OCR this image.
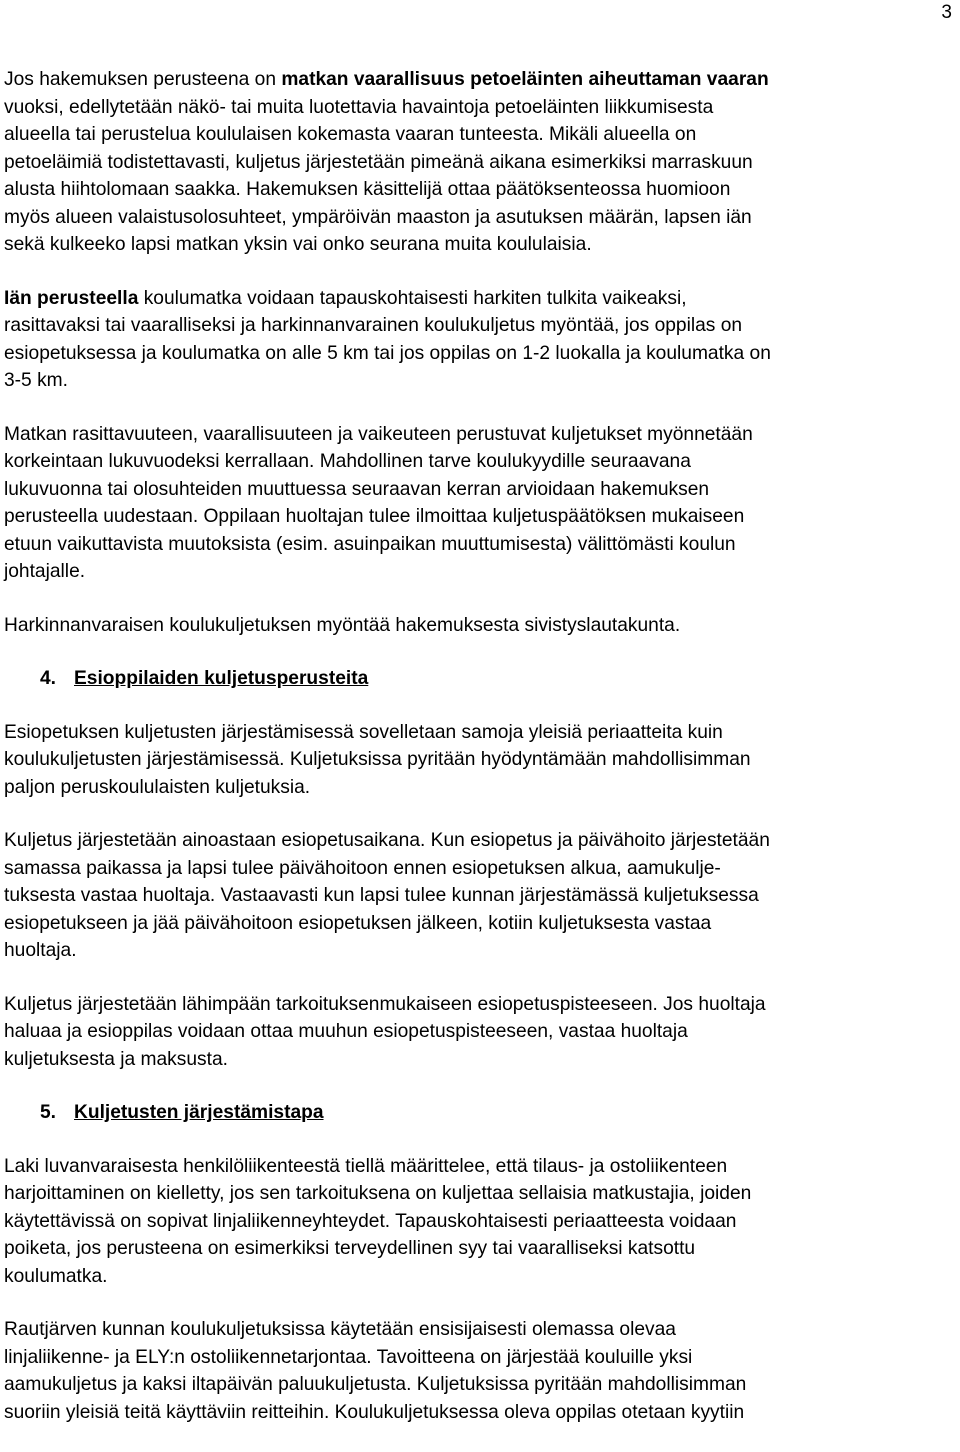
3

Jos hakemuksen perusteena on matkan vaarallisuus petoeläinten aiheuttaman vaaran
vuoksi, edellytetään näkö- tai muita luotettavia havaintoja petoeläinten liikkumisesta
alueella tai perustelua koululaisen kokemasta vaaran tunteesta. Mikäli alueella on
petoeläimiä todistettavasti, kuljetus järjestetään pimeänä aikana esimerkiksi marraskuun
alusta hiihtolomaan saakka. Hakemuksen käsittelijä ottaa päätöksenteossa huomioon
myös alueen valaistusolosuhteet, ympäröivän maaston ja asutuksen määrän, lapsen iän
sekä kulkeeko lapsi matkan yksin vai onko seurana muita koululaisia.

Iän perusteella koulumatka voidaan tapauskohtaisesti harkiten tulkita vaikeaksi,
rasittavaksi tai vaaralliseksi ja harkinnanvarainen koulukuljetus myöntää, jos oppilas on
esiopetuksessa ja koulumatka on alle 5 km tai jos oppilas on 1-2 luokalla ja koulumatka on
3-5 km.

Matkan rasittavuuteen, vaarallisuuteen ja vaikeuteen perustuvat kuljetukset myönnetään
korkeintaan lukuvuodeksi kerrallaan. Mahdollinen tarve koulukyydille seuraavana
lukuvuonna tai olosuhteiden muuttuessa seuraavan kerran arvioidaan hakemuksen
perusteella uudestaan. Oppilaan huoltajan tulee ilmoittaa kuljetuspäätöksen mukaiseen
etuun vaikuttavista muutoksista (esim. asuinpaikan muuttumisesta) välittömästi koulun
johtajalle.

Harkinnanvaraisen koulukuljetuksen myöntää hakemuksesta sivistyslautakunta.

4. Esioppilaiden kuljetusperusteita

Esiopetuksen kuljetusten järjestämisessä sovelletaan samoja yleisiä periaatteita kuin
koulukuljetusten järjestämisessä. Kuljetuksissa pyritään hyödyntämään mahdollisimman
paljon peruskoululaisten kuljetuksia.

Kuljetus järjestetään ainoastaan esiopetusaikana. Kun esiopetus ja päivähoito järjestetään
samassa paikassa ja lapsi tulee päivähoitoon ennen esiopetuksen alkua, aamukulje-
tuksesta vastaa huoltaja. Vastaavasti kun lapsi tulee kunnan järjestämässä kuljetuksessa
esiopetukseen ja jää päivähoitoon esiopetuksen jälkeen, kotiin kuljetuksesta vastaa
huoltaja.

Kuljetus järjestetään lähimpään tarkoituksenmukaiseen esiopetuspisteeseen. Jos huoltaja
haluaa ja esioppilas voidaan ottaa muuhun esiopetuspisteeseen, vastaa huoltaja
kuljetuksesta ja maksusta.

5. Kuljetusten järjestämistapa

Laki luvanvaraisesta henkilöliikenteestä tiellä määrittelee, että tilaus- ja ostoliikenteen
harjoittaminen on kielletty, jos sen tarkoituksena on kuljettaa sellaisia matkustajia, joiden
käytettävissä on sopivat linjaliikenneyhteydet. Tapauskohtaisesti periaatteesta voidaan
poiketa, jos perusteena on esimerkiksi terveydellinen syy tai vaaralliseksi katsottu
koulumatka.

Rautjärven kunnan koulukuljetuksissa käytetään ensisijaisesti olemassa olevaa
linjaliikenne- ja ELY:n ostoliikennetarjontaa. Tavoitteena on järjestää kouluille yksi
aamukuljetus ja kaksi iltapäivän paluukuljetusta. Kuljetuksissa pyritään mahdollisimman
suoriin yleisiä teitä käyttäviin reitteihin. Koulukuljetuksessa oleva oppilas otetaan kyytiin
